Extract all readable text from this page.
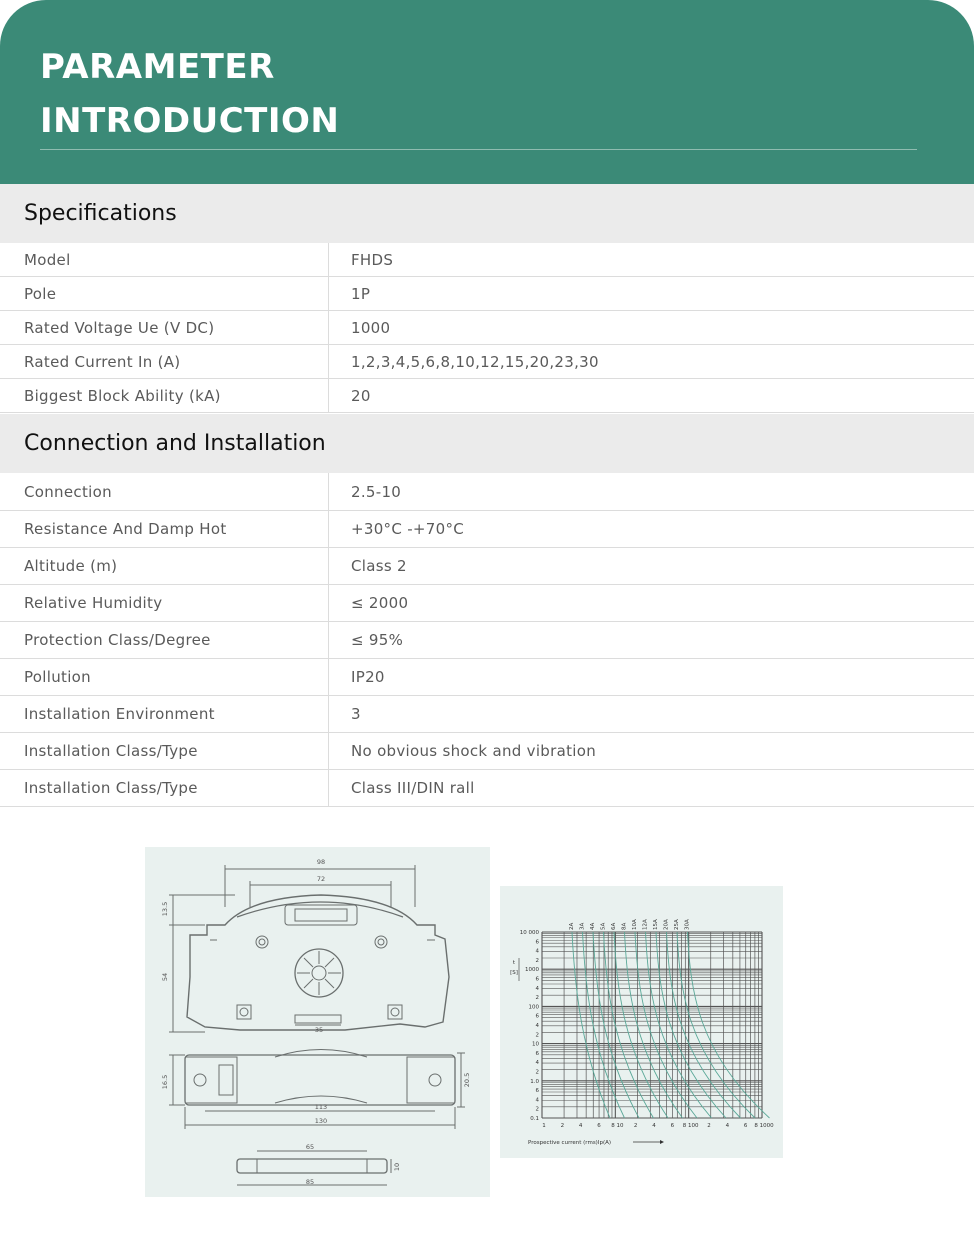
PARAMETER
INTRODUCTION
Specifications
Model	FHDS
Pole	1P
Rated Voltage Ue (V DC)	1000
Rated Current In (A)	1,2,3,4,5,6,8,10,12,15,20,23,30
Biggest Block Ability (kA)	20
Connection and Installation
Connection	2.5-10
Resistance And Damp Hot	+30°C -+70°C
Altitude (m)	Class 2
Relative Humidity	≤ 2000
Protection Class/Degree	≤ 95%
Pollution	IP20
Installation Environment	3
Installation Class/Type	No obvious shock and vibration
Installation Class/Type	Class III/DIN rall
98
72
13.5
54
35
16.5	20.5
113
130
65
85
10
2A 3A 4A 5A 6A 8A 10A 12A 15A 20A 25A 30A
10 000
6
4
2
1000
6
4
2
100
6
4
2
10
6
4
2
1.0
6
4
2
0.1
t
[S]
1	2	4	6 8 10 2	4	6 8 100 2	4	6 8 1000
Prospective current (rms)Ip(A)
